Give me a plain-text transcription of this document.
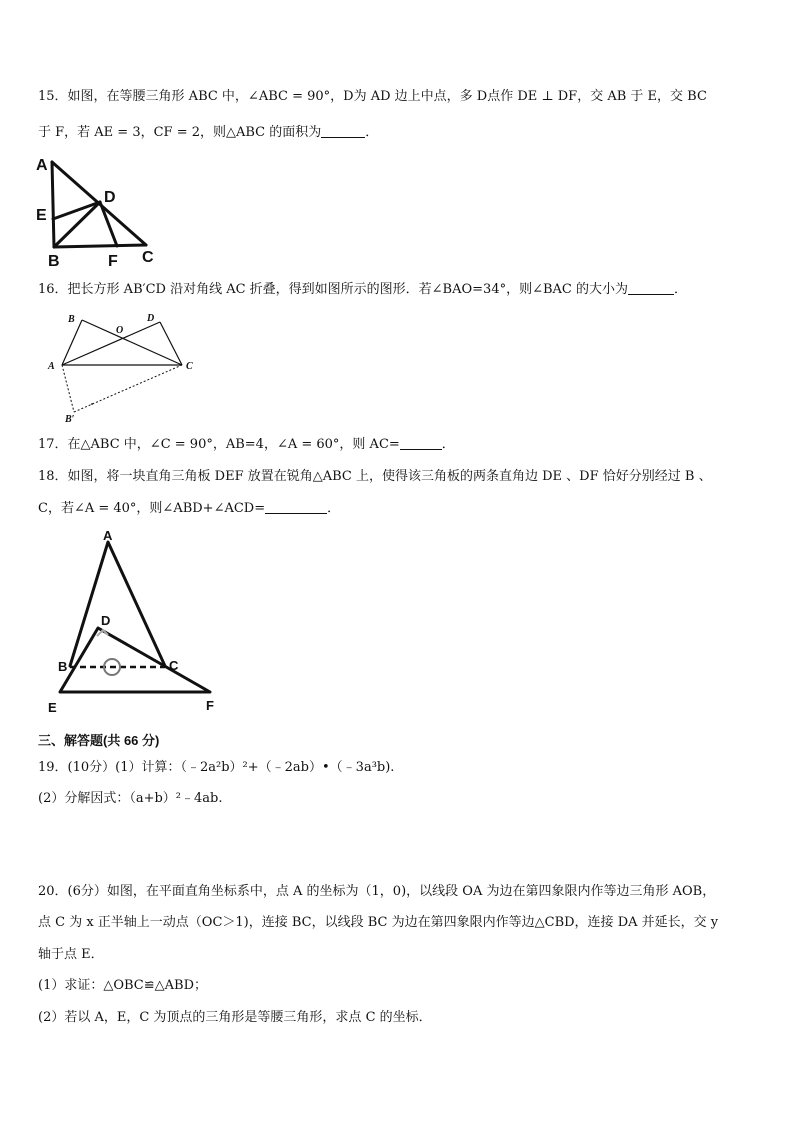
15．如图，在等腰三角形 ABC 中，∠ABC = 90°，D为 AD 边上中点，多 D点作 DE ⊥ DF，交 AB 于 E，交 BC
于 F，若 AE = 3，CF = 2，则△ABC 的面积为	．
A
E
D
B	F C
16．把长方形 AB′CD 沿对角线 AC 折叠，得到如图所示的图形．若∠BAO=34°，则∠BAC 的大小为	．
B
O
D
A	C
B′
17．在△ABC 中，∠C = 90°，AB=4，∠A = 60°，则 AC=	．
18．如图，将一块直角三角板 DEF 放置在锐角△ABC 上，使得该三角板的两条直角边 DE 、DF 恰好分别经过 B 、
C，若∠A = 40°，则∠ABD+∠ACD=	．
A
D
B	C
E	F
三、解答题(共 66 分)
19．(10分）(1）计算：（﹣2a²b）²+（﹣2ab）•（﹣3a³b).
(2）分解因式：（a+b）²﹣4ab.
20．(6分）如图，在平面直角坐标系中，点 A 的坐标为（1，0)，以线段 OA 为边在第四象限内作等边三角形 AOB，
点 C 为 x 正半轴上一动点（OC＞1)，连接 BC，以线段 BC 为边在第四象限内作等边△CBD，连接 DA 并延长，交 y
轴于点 E．
(1）求证：△OBC≌△ABD；
(2）若以 A，E，C 为顶点的三角形是等腰三角形，求点 C 的坐标．
